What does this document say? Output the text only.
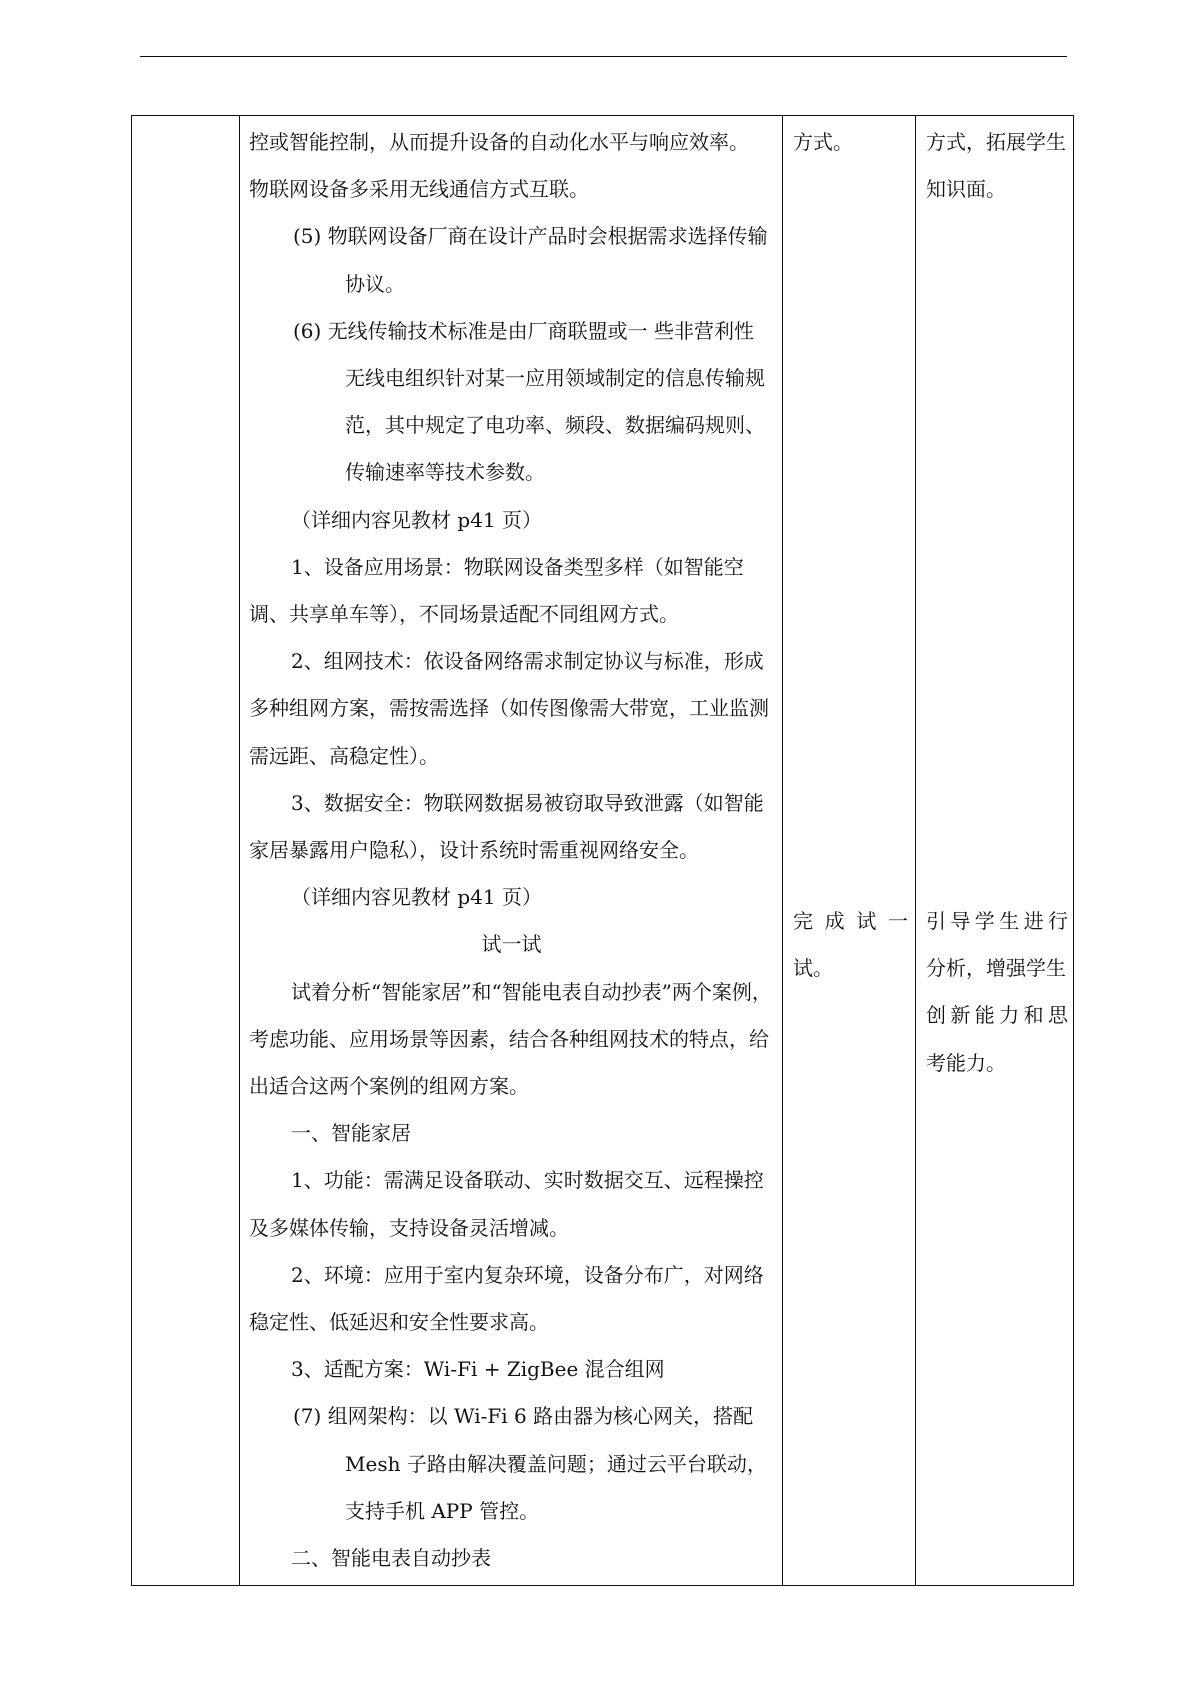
控或智能控制，从而提升设备的自动化水平与响应效率。

物联网设备多采用无线通信方式互联。

(5) 物联网设备厂商在设计产品时会根据需求选择传输协议。

(6) 无线传输技术标准是由厂商联盟或一 些非营利性无线电组织针对某一应用领域制定的信息传输规范，其中规定了电功率、频段、数据编码规则、传输速率等技术参数。

（详细内容见教材 p41 页）

1、设备应用场景：物联网设备类型多样（如智能空调、共享单车等），不同场景适配不同组网方式。

2、组网技术：依设备网络需求制定协议与标准，形成多种组网方案，需按需选择（如传图像需大带宽，工业监测需远距、高稳定性）。

3、数据安全：物联网数据易被窃取导致泄露（如智能家居暴露用户隐私），设计系统时需重视网络安全。

（详细内容见教材 p41 页）

试一试

试着分析“智能家居”和“智能电表自动抄表”两个案例，考虑功能、应用场景等因素，结合各种组网技术的特点，给出适合这两个案例的组网方案。

一、智能家居

1、功能：需满足设备联动、实时数据交互、远程操控及多媒体传输，支持设备灵活增减。

2、环境：应用于室内复杂环境，设备分布广，对网络稳定性、低延迟和安全性要求高。

3、适配方案：Wi-Fi + ZigBee 混合组网

(7) 组网架构：以 Wi-Fi 6 路由器为核心网关，搭配 Mesh 子路由解决覆盖问题；通过云平台联动，支持手机 APP 管控。

二、智能电表自动抄表

方式。

完 成 试 一

试。

方式，拓展学生

知识面。

引导学生进行

分析，增强学生

创新能力和思

考能力。
